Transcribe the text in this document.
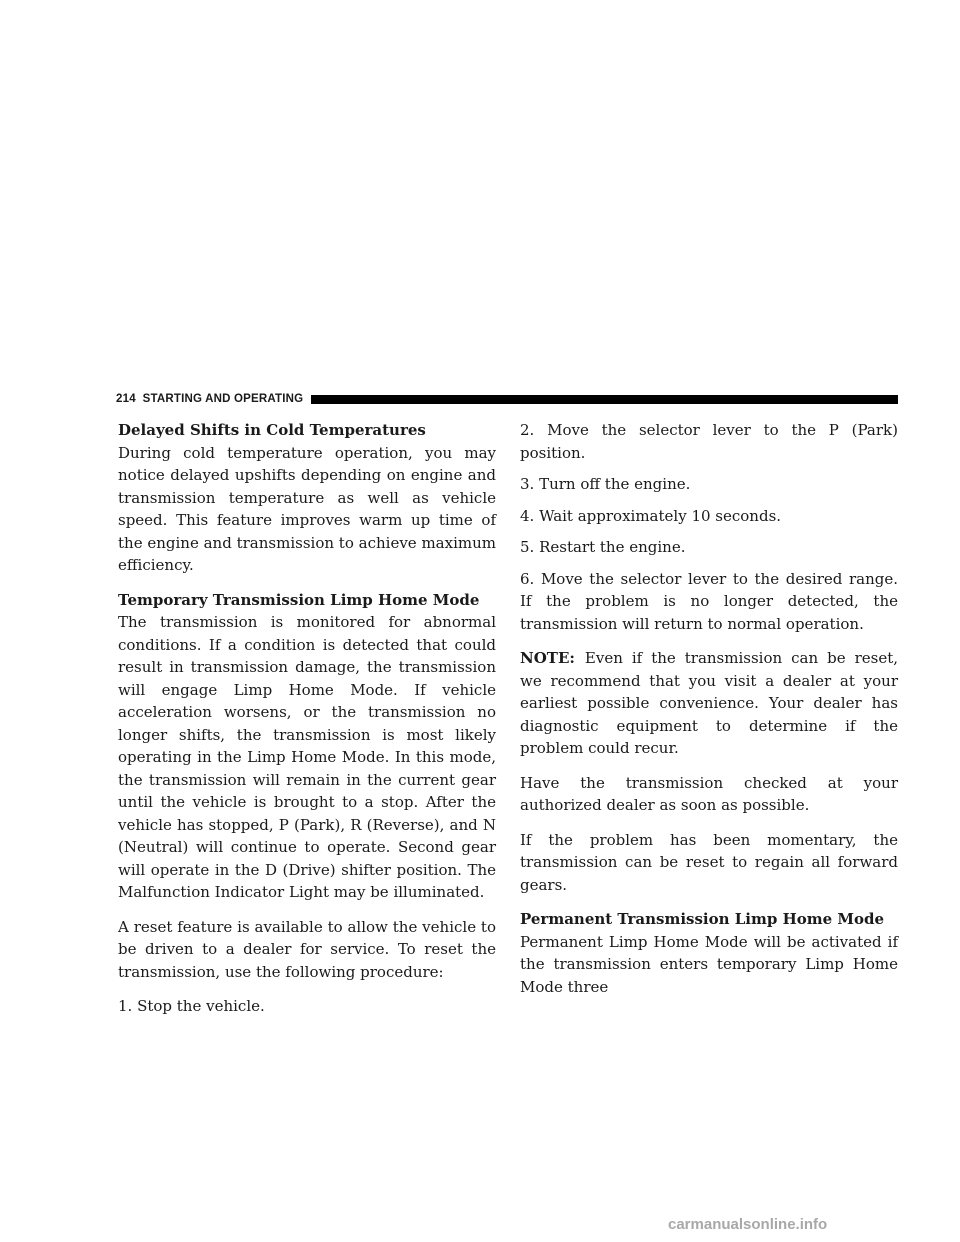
214 STARTING AND OPERATING
Delayed Shifts in Cold Temperatures

During cold temperature operation, you may notice delayed upshifts depending on engine and transmission temperature as well as vehicle speed. This feature improves warm up time of the engine and transmission to achieve maximum efficiency.

Temporary Transmission Limp Home Mode

The transmission is monitored for abnormal conditions. If a condition is detected that could result in transmission damage, the transmission will engage Limp Home Mode. If vehicle acceleration worsens, or the transmission no longer shifts, the transmission is most likely operating in the Limp Home Mode. In this mode, the transmission will remain in the current gear until the vehicle is brought to a stop. After the vehicle has stopped, P (Park), R (Reverse), and N (Neutral) will continue to operate. Second gear will operate in the D (Drive) shifter position. The Malfunction Indicator Light may be illuminated.

A reset feature is available to allow the vehicle to be driven to a dealer for service. To reset the transmission, use the following procedure:

1. Stop the vehicle.

2. Move the selector lever to the P (Park) position.

3. Turn off the engine.

4. Wait approximately 10 seconds.

5. Restart the engine.

6. Move the selector lever to the desired range. If the problem is no longer detected, the transmission will return to normal operation.

NOTE: Even if the transmission can be reset, we recommend that you visit a dealer at your earliest possible convenience. Your dealer has diagnostic equipment to determine if the problem could recur.

Have the transmission checked at your authorized dealer as soon as possible.

If the problem has been momentary, the transmission can be reset to regain all forward gears.

Permanent Transmission Limp Home Mode

Permanent Limp Home Mode will be activated if the transmission enters temporary Limp Home Mode three

carmanualsonline.info
